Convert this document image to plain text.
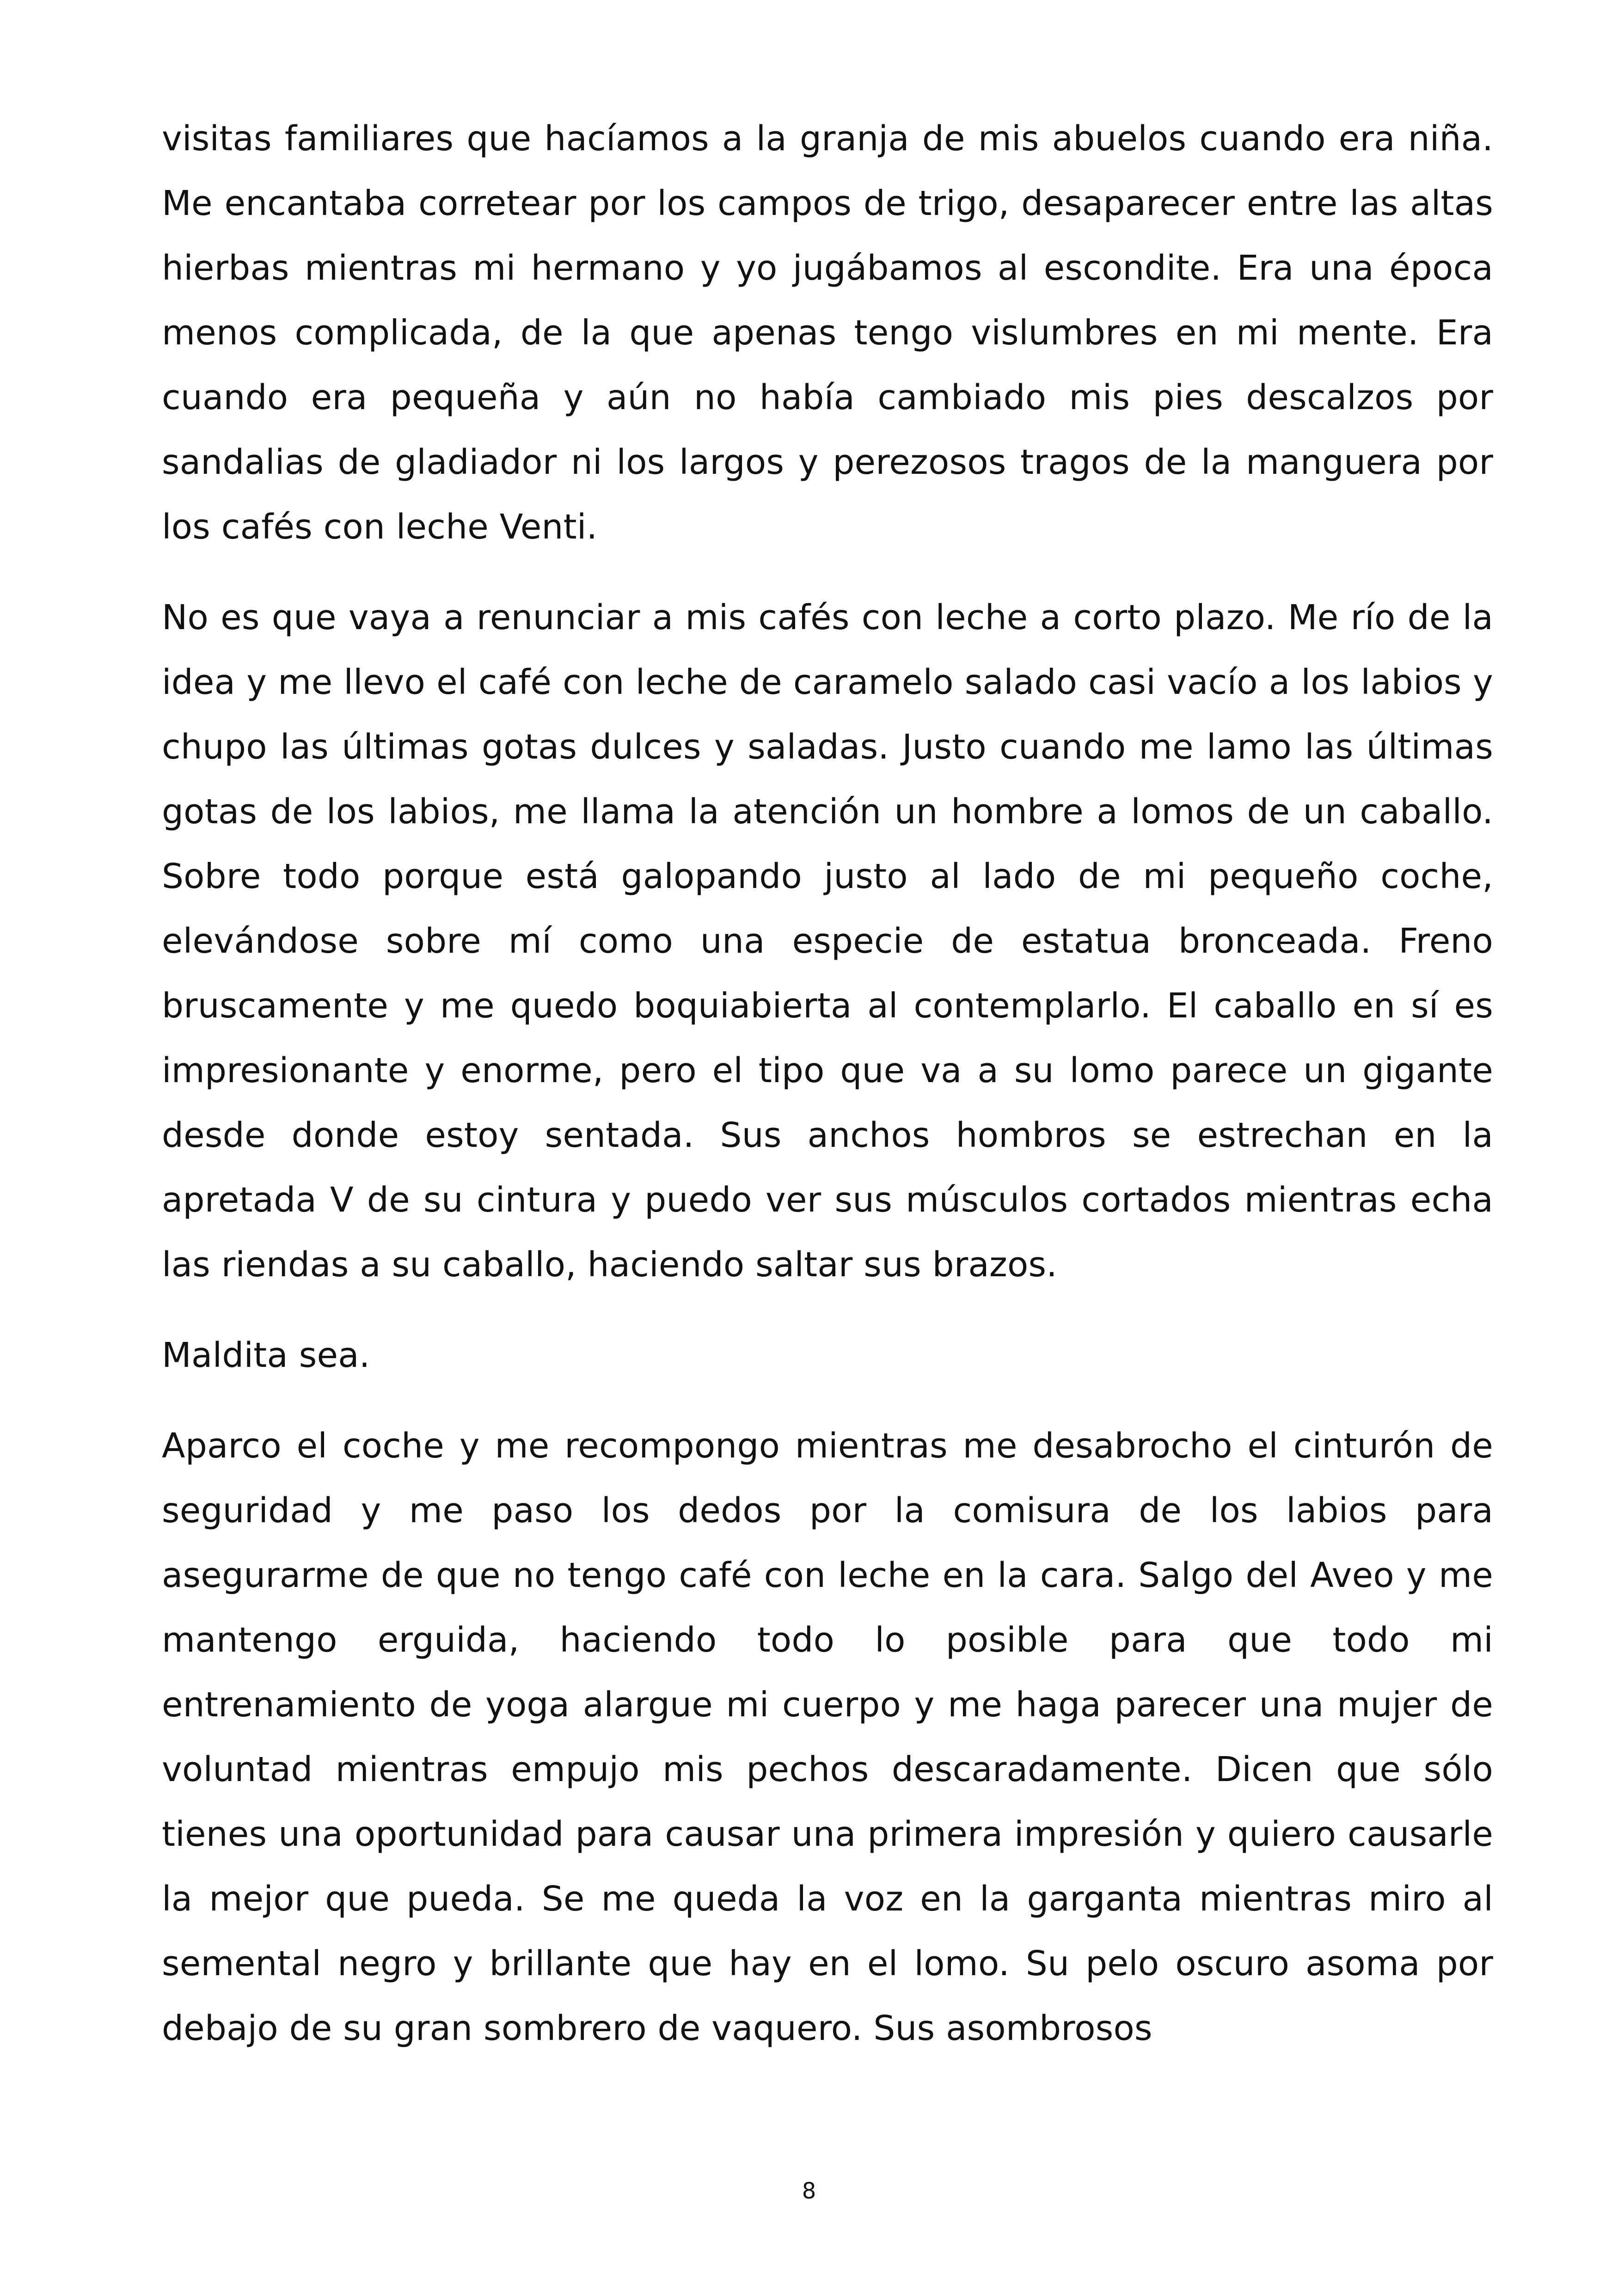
visitas familiares que hacíamos a la granja de mis abuelos cuando era niña. Me encantaba corretear por los campos de trigo, desaparecer entre las altas hierbas mientras mi hermano y yo jugábamos al escondite. Era una época menos complicada, de la que apenas tengo vislumbres en mi mente. Era cuando era pequeña y aún no había cambiado mis pies descalzos por sandalias de gladiador ni los largos y perezosos tragos de la manguera por los cafés con leche Venti.

No es que vaya a renunciar a mis cafés con leche a corto plazo. Me río de la idea y me llevo el café con leche de caramelo salado casi vacío a los labios y chupo las últimas gotas dulces y saladas. Justo cuando me lamo las últimas gotas de los labios, me llama la atención un hombre a lomos de un caballo. Sobre todo porque está galopando justo al lado de mi pequeño coche, elevándose sobre mí como una especie de estatua bronceada. Freno bruscamente y me quedo boquiabierta al contemplarlo. El caballo en sí es impresionante y enorme, pero el tipo que va a su lomo parece un gigante desde donde estoy sentada. Sus anchos hombros se estrechan en la apretada V de su cintura y puedo ver sus músculos cortados mientras echa las riendas a su caballo, haciendo saltar sus brazos.

Maldita sea.

Aparco el coche y me recompongo mientras me desabrocho el cinturón de seguridad y me paso los dedos por la comisura de los labios para asegurarme de que no tengo café con leche en la cara. Salgo del Aveo y me mantengo erguida, haciendo todo lo posible para que todo mi entrenamiento de yoga alargue mi cuerpo y me haga parecer una mujer de voluntad mientras empujo mis pechos descaradamente. Dicen que sólo tienes una oportunidad para causar una primera impresión y quiero causarle la mejor que pueda. Se me queda la voz en la garganta mientras miro al semental negro y brillante que hay en el lomo. Su pelo oscuro asoma por debajo de su gran sombrero de vaquero. Sus asombrosos

8
